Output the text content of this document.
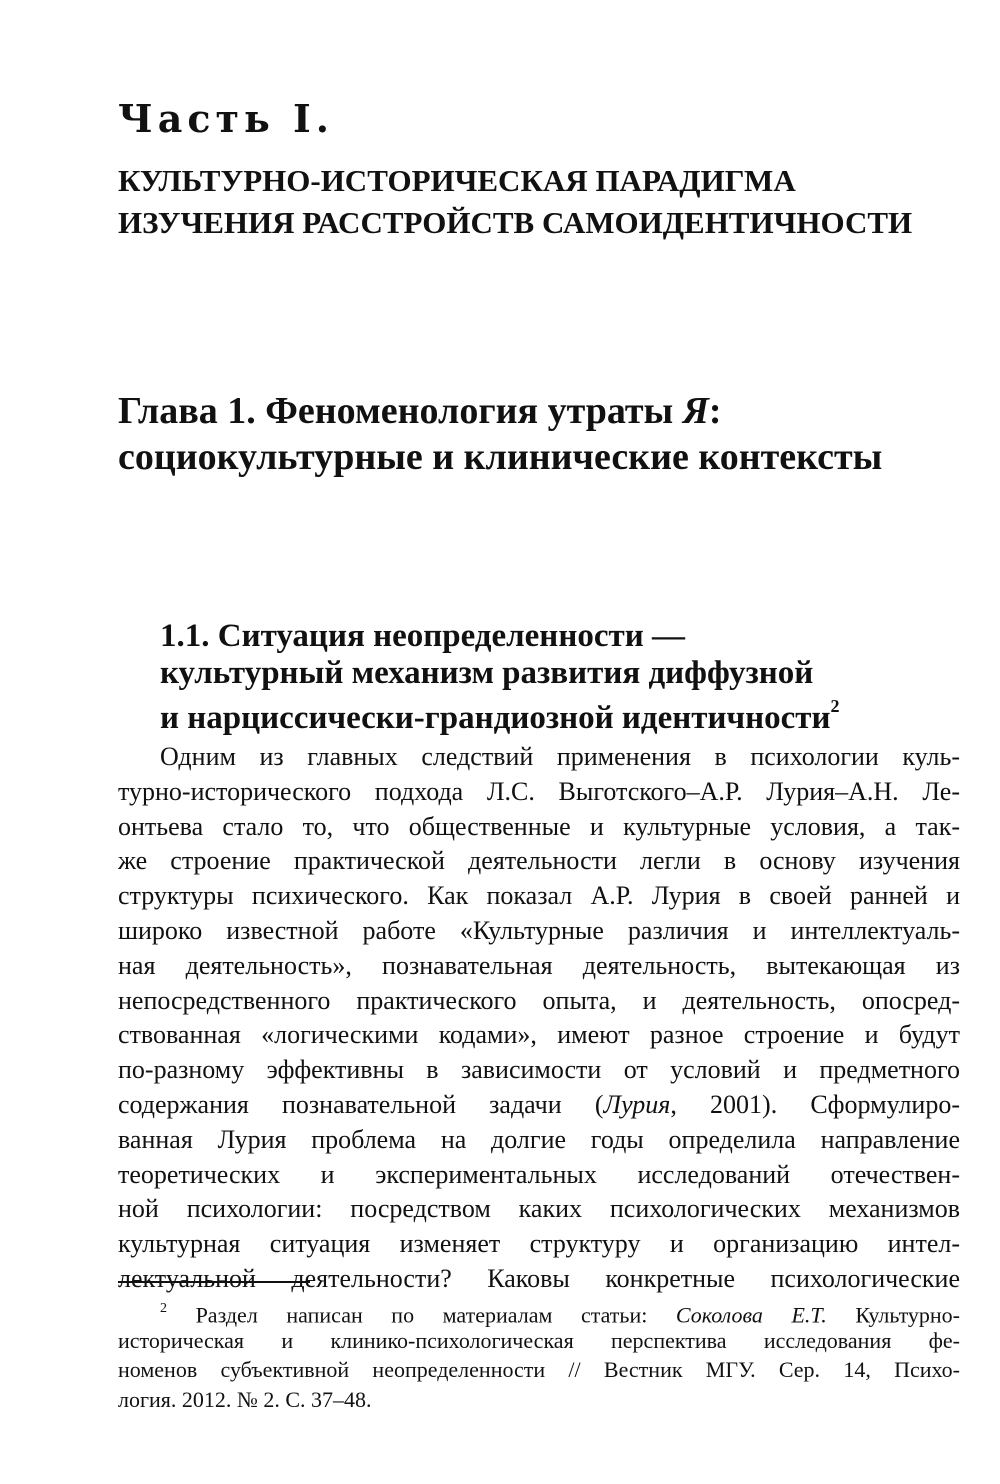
Часть I.
КУЛЬТУРНО-ИСТОРИЧЕСКАЯ ПАРАДИГМА
ИЗУЧЕНИЯ РАССТРОЙСТВ САМОИДЕНТИЧНОСТИ
Глава 1. Феноменология утраты Я:
социокультурные и клинические контексты
1.1. Ситуация неопределенности —
культурный механизм развития диффузной
и нарциссически-грандиозной идентичности$^2$
Одним из главных следствий применения в психологии куль-
турно-исторического подхода Л.С. Выготского–А.Р. Лурия–А.Н. Ле-
онтьева стало то, что общественные и культурные условия, а так-
же строение практической деятельности легли в основу изучения
структуры психического. Как показал А.Р. Лурия в своей ранней и
широко известной работе «Культурные различия и интеллектуаль-
ная деятельность», познавательная деятельность, вытекающая из
непосредственного практического опыта, и деятельность, опосред-
ствованная «логическими кодами», имеют разное строение и будут
по-разному эффективны в зависимости от условий и предметного
содержания познавательной задачи (Лурия, 2001). Сформулиро-
ванная Лурия проблема на долгие годы определила направление
теоретических и экспериментальных исследований отечествен-
ной психологии: посредством каких психологических механизмов
культурная ситуация изменяет структуру и организацию интел-
лектуальной деятельности? Каковы конкретные психологические
$^2$ Раздел написан по материалам статьи: Соколова Е.Т. Культурно-
историческая и клинико-психологическая перспектива исследования фе-
номенов субъективной неопределенности // Вестник МГУ. Сер. 14, Психо-
логия. 2012. № 2. С. 37–48.
